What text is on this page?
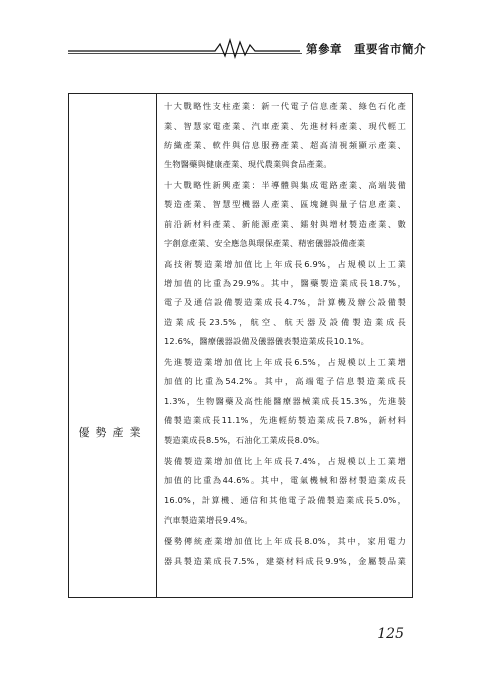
第參章　重要省市簡介
優勢產業
十大戰略性支柱產業：新一代電子信息產業、綠色石化產
業、智慧家電產業、汽車產業、先進材料產業、現代輕工
紡織產業、軟件與信息服務產業、超高清視頻顯示產業、
生物醫藥與健康產業、現代農業與食品產業。
十大戰略性新興產業：半導體與集成電路產業、高端裝備
製造產業、智慧型機器人產業、區塊鏈與量子信息產業、
前沿新材料產業、新能源產業、鐳射與增材製造產業、數
字創意產業、安全應急與環保產業、精密儀器設備產業
高技術製造業增加值比上年成長6.9%，占規模以上工業
增加值的比重為29.9%。其中，醫藥製造業成長18.7%，
電子及通信設備製造業成長4.7%，計算機及辦公設備製
造業成長23.5%，航空、航天器及設備製造業成長
12.6%，醫療儀器設備及儀器儀表製造業成長10.1%。
先進製造業增加值比上年成長6.5%，占規模以上工業增
加值的比重為54.2%。其中，高端電子信息製造業成長
1.3%，生物醫藥及高性能醫療器械業成長15.3%，先進裝
備製造業成長11.1%，先進輕紡製造業成長7.8%，新材料
製造業成長8.5%，石油化工業成長8.0%。
裝備製造業增加值比上年成長7.4%，占規模以上工業增
加值的比重為44.6%。其中，電氣機械和器材製造業成長
16.0%，計算機、通信和其他電子設備製造業成長5.0%，
汽車製造業增長9.4%。
優勢傳統產業增加值比上年成長8.0%，其中，家用電力
器具製造業成長7.5%，建築材料成長9.9%，金屬製品業
125
